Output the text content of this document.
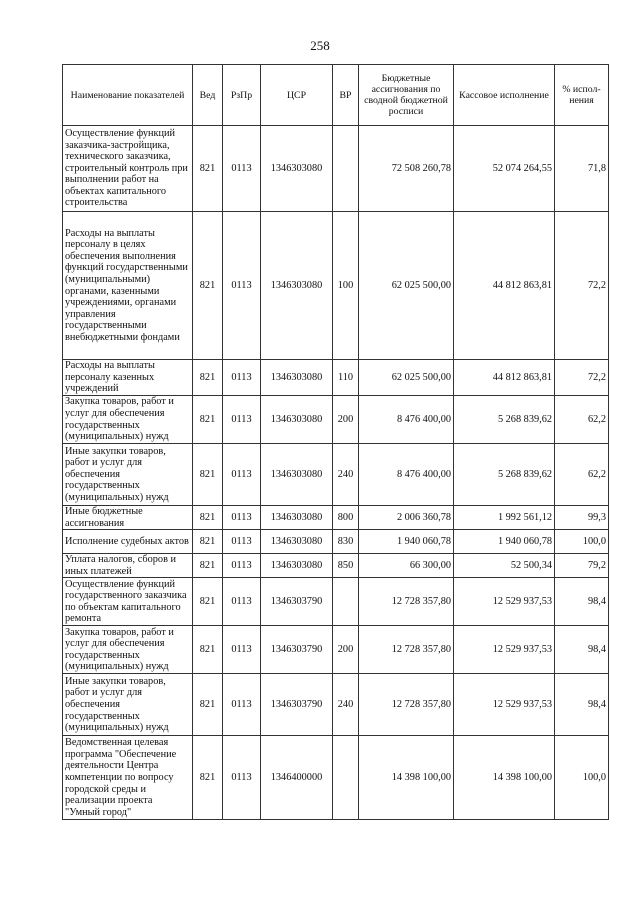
258
Наименование показателей	Вед	РзПр	ЦСР	ВР	Бюджетные ассигнования по сводной бюджетной росписи	Кассовое исполнение	% испол-нения
Осуществление функций заказчика-застройщика, технического заказчика, строительный контроль при выполнении работ на объектах капитального строительства	821	0113	1346303080		72 508 260,78	52 074 264,55	71,8
Расходы на выплаты персоналу в целях обеспечения выполнения функций государственными (муниципальными) органами, казенными учреждениями, органами управления государственными внебюджетными фондами	821	0113	1346303080	100	62 025 500,00	44 812 863,81	72,2
Расходы на выплаты персоналу казенных учреждений	821	0113	1346303080	110	62 025 500,00	44 812 863,81	72,2
Закупка товаров, работ и услуг для обеспечения государственных (муниципальных) нужд	821	0113	1346303080	200	8 476 400,00	5 268 839,62	62,2
Иные закупки товаров, работ и услуг для обеспечения государственных (муниципальных) нужд	821	0113	1346303080	240	8 476 400,00	5 268 839,62	62,2
Иные бюджетные ассигнования	821	0113	1346303080	800	2 006 360,78	1 992 561,12	99,3
Исполнение судебных актов	821	0113	1346303080	830	1 940 060,78	1 940 060,78	100,0
Уплата налогов, сборов и иных платежей	821	0113	1346303080	850	66 300,00	52 500,34	79,2
Осуществление функций государственного заказчика по объектам капитального ремонта	821	0113	1346303790		12 728 357,80	12 529 937,53	98,4
Закупка товаров, работ и услуг для обеспечения государственных (муниципальных) нужд	821	0113	1346303790	200	12 728 357,80	12 529 937,53	98,4
Иные закупки товаров, работ и услуг для обеспечения государственных (муниципальных) нужд	821	0113	1346303790	240	12 728 357,80	12 529 937,53	98,4
Ведомственная целевая программа "Обеспечение деятельности Центра компетенции по вопросу городской среды и реализации проекта "Умный город"	821	0113	1346400000		14 398 100,00	14 398 100,00	100,0
